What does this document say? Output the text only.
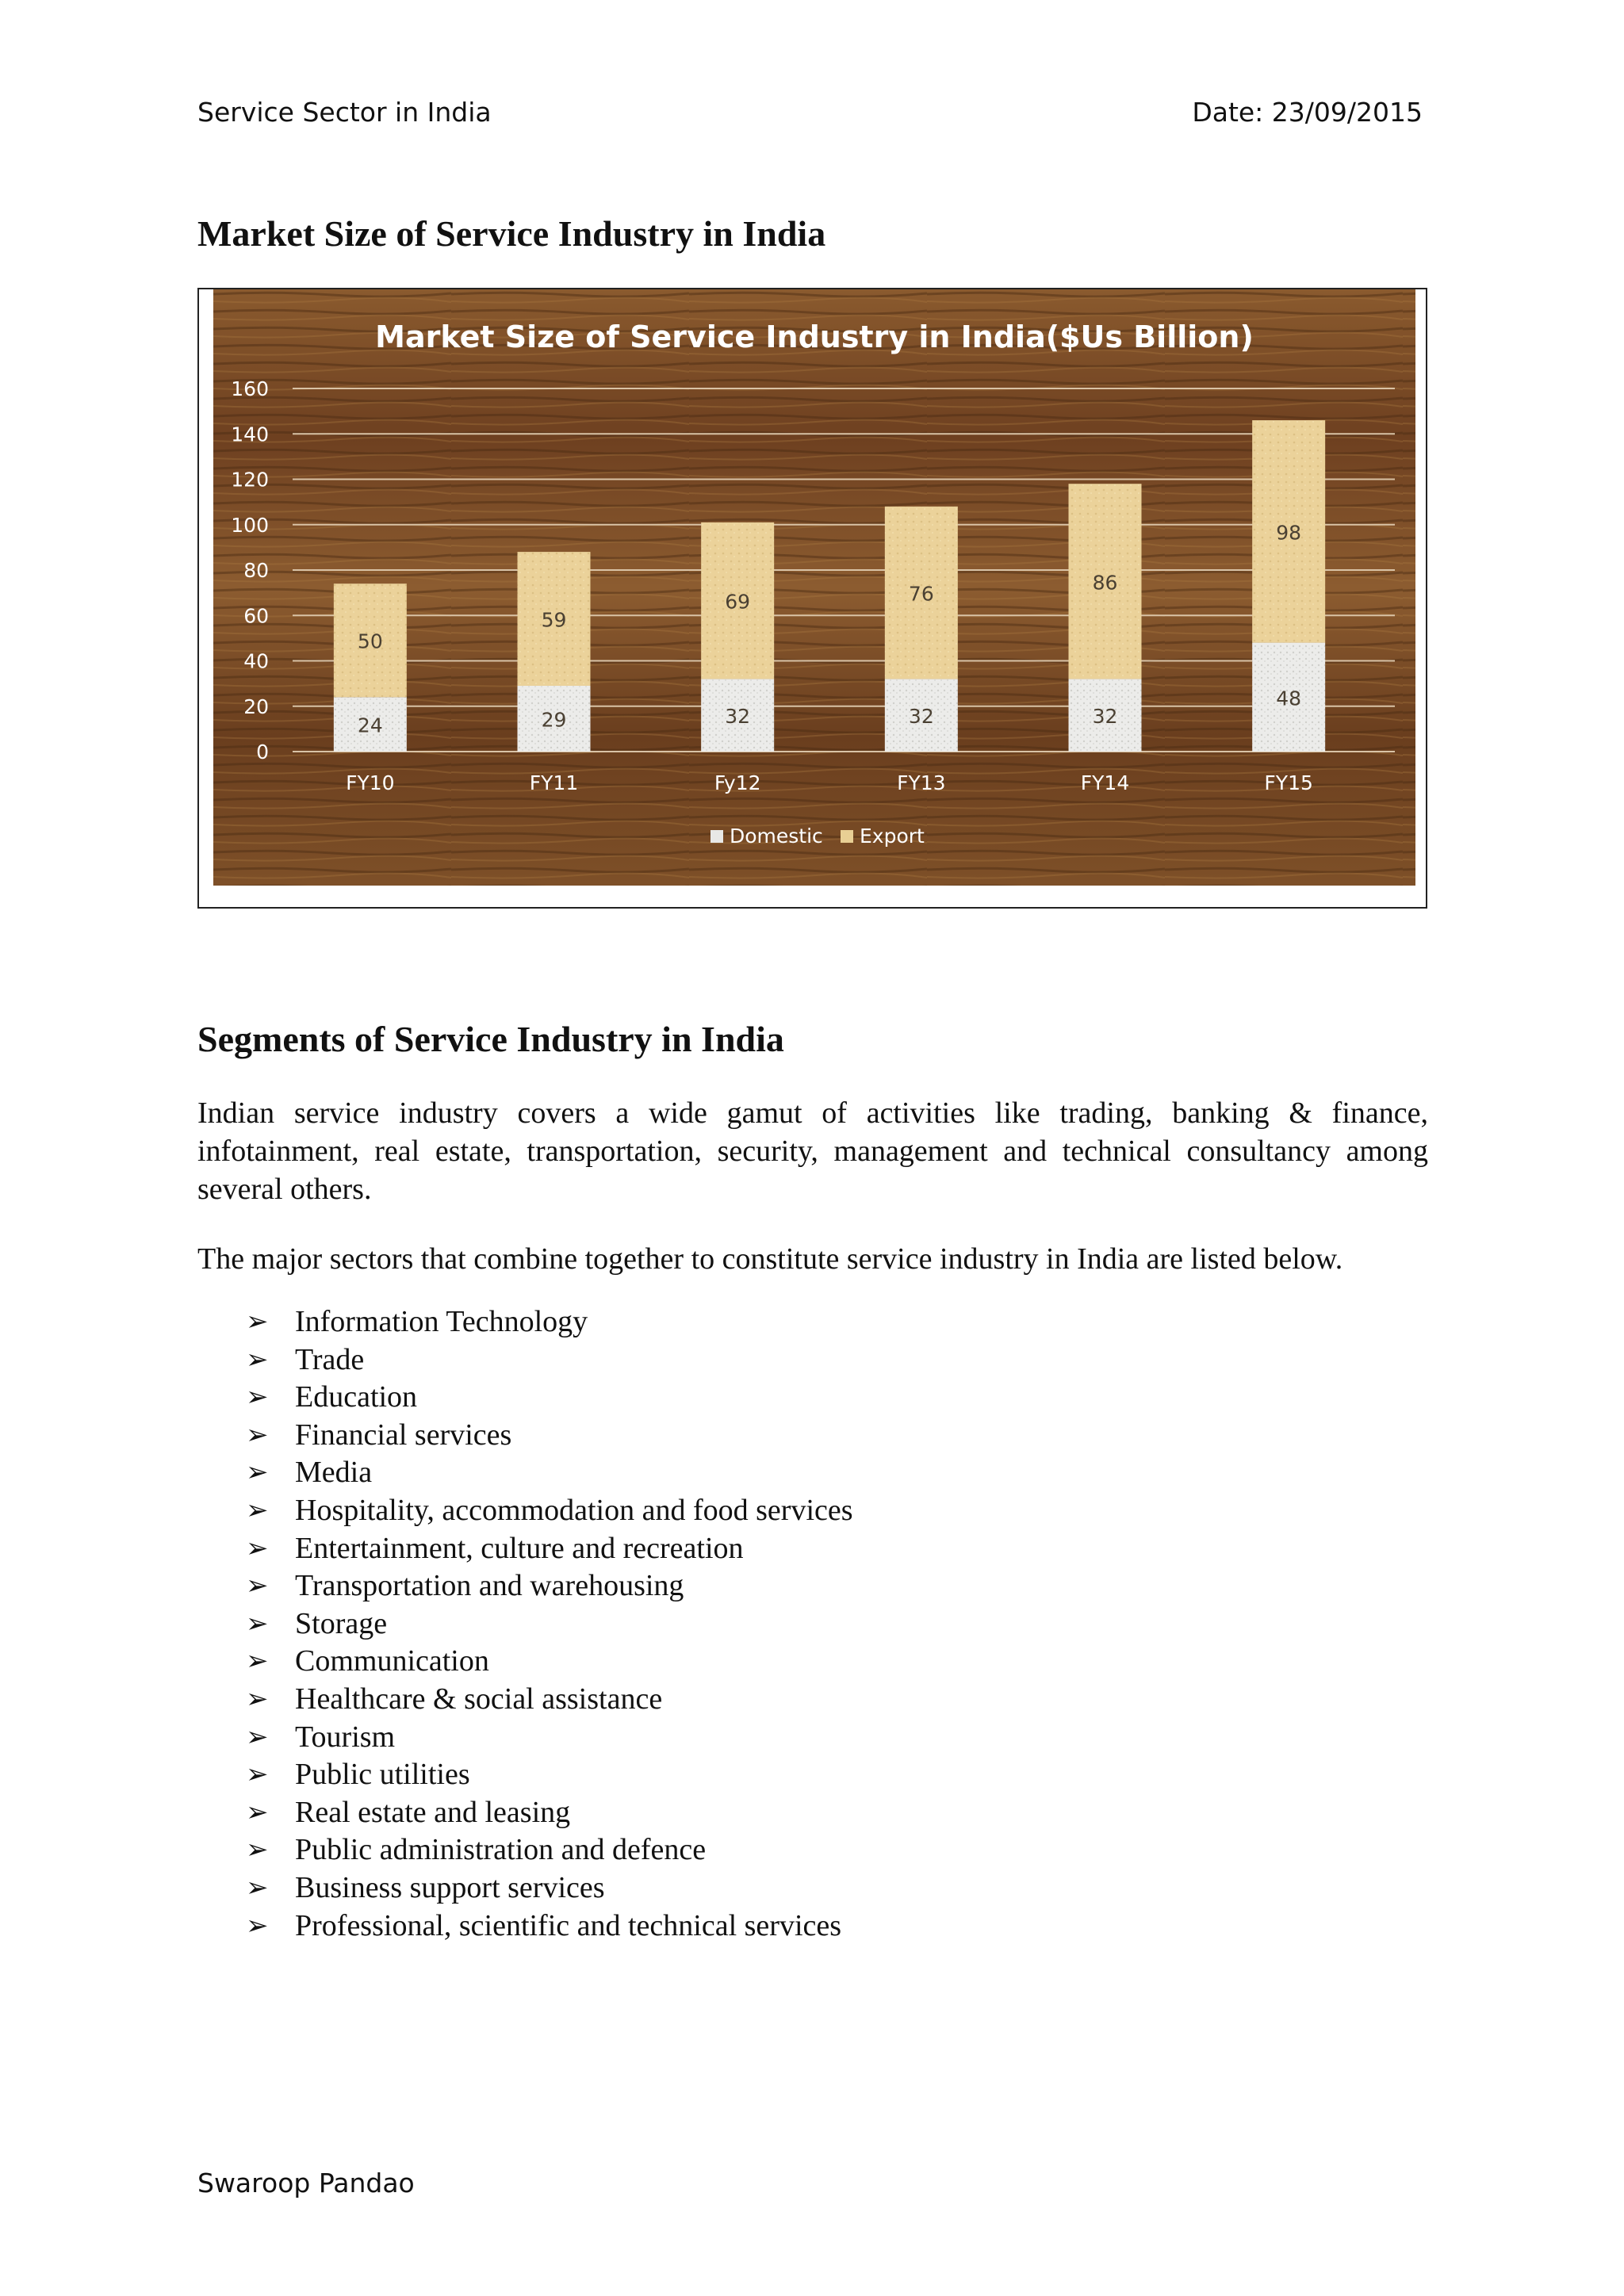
Service Sector in India	Date: 23/09/2015
Market Size of Service Industry in India
0
20
40
60
80
100
120
140
160
24
50
FY10
29
59
FY11
32
69
Fy12
32
76
FY13
32
86
FY14
48
98
FY15
Market Size of Service Industry in India($Us Billion)
Domestic Export
Segments of Service Industry in India

Indian service industry covers a wide gamut of activities like trading, banking & finance, infotainment, real estate, transportation, security, management and technical consultancy among several others.

The major sectors that combine together to constitute service industry in India are listed below.

➢ Information Technology
➢ Trade
➢ Education
➢ Financial services
➢ Media
➢ Hospitality, accommodation and food services
➢ Entertainment, culture and recreation
➢ Transportation and warehousing
➢ Storage
➢ Communication
➢ Healthcare & social assistance
➢ Tourism
➢ Public utilities
➢ Real estate and leasing
➢ Public administration and defence
➢ Business support services
➢ Professional, scientific and technical services
Swaroop Pandao
